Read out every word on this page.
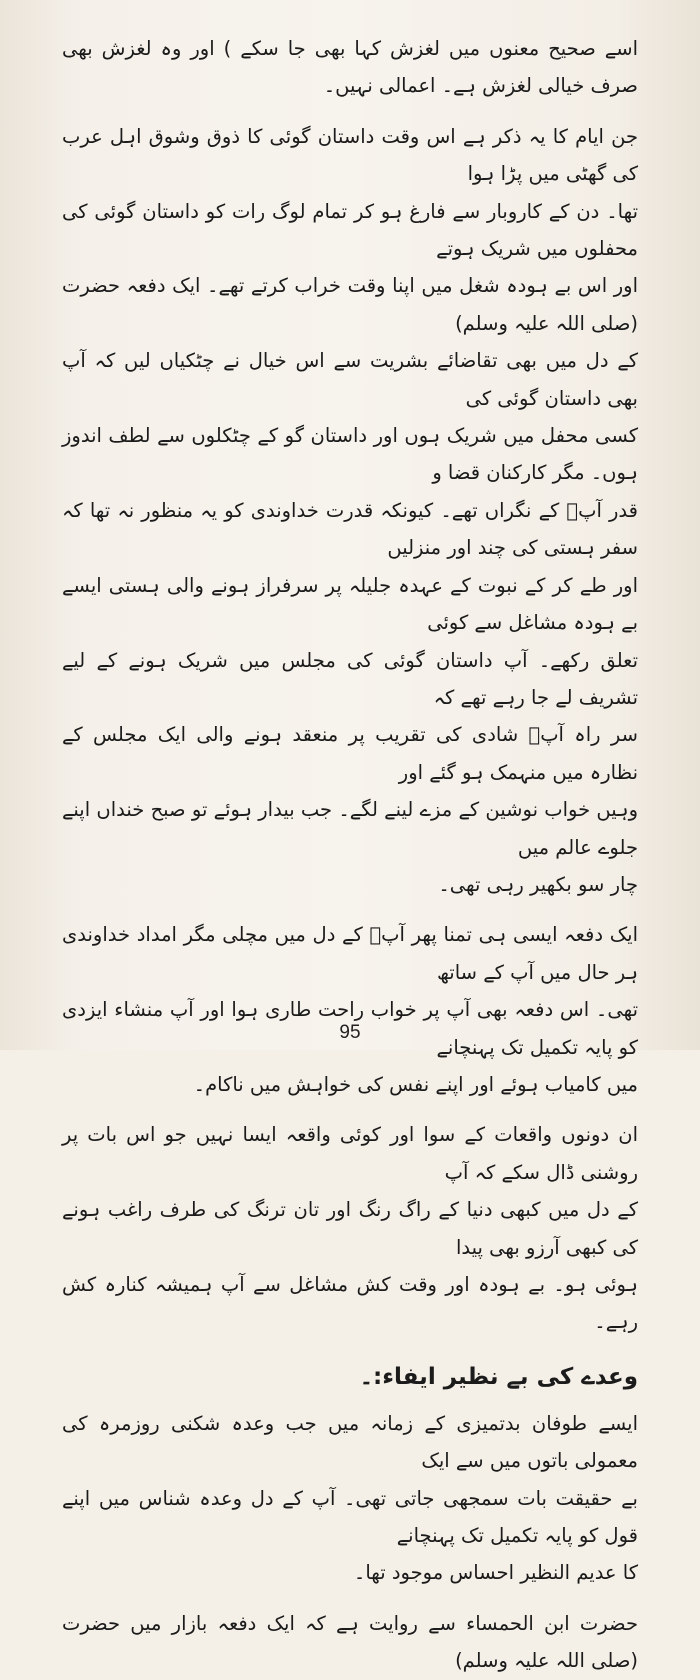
اسے صحیح معنوں میں لغزش کہا بھی جا سکے ) اور وہ لغزش بھی صرف خیالی لغزش ہے۔ اعمالی نہیں۔

جن ایام کا یہ ذکر ہے اس وقت داستان گوئی کا ذوق وشوق اہل عرب کی گھٹی میں پڑا ہوا
تھا۔ دن کے کاروبار سے فارغ ہو کر تمام لوگ رات کو داستان گوئی کی محفلوں میں شریک ہوتے
اور اس بے ہودہ شغل میں اپنا وقت خراب کرتے تھے۔ ایک دفعہ حضرت (صلی اللہ علیہ وسلم)
کے دل میں بھی تقاضائے بشریت سے اس خیال نے چٹکیاں لیں کہ آپ بھی داستان گوئی کی
کسی محفل میں شریک ہوں اور داستان گو کے چٹکلوں سے لطف اندوز ہوں۔ مگر کارکنان قضا و
قدر آپؐ کے نگراں تھے۔ کیونکہ قدرت خداوندی کو یہ منظور نہ تھا کہ سفر ہستی کی چند اور منزلیں
اور طے کر کے نبوت کے عہدہ جلیلہ پر سرفراز ہونے والی ہستی ایسے بے ہودہ مشاغل سے کوئی
تعلق رکھے۔ آپ داستان گوئی کی مجلس میں شریک ہونے کے لیے تشریف لے جا رہے تھے کہ
سر راہ آپؐ شادی کی تقریب پر منعقد ہونے والی ایک مجلس کے نظارہ میں منہمک ہو گئے اور
وہیں خواب نوشین کے مزے لینے لگے۔ جب بیدار ہوئے تو صبح خنداں اپنے جلوے عالم میں
چار سو بکھیر رہی تھی۔

ایک دفعہ ایسی ہی تمنا پھر آپؐ کے دل میں مچلی مگر امداد خداوندی ہر حال میں آپ کے ساتھ
تھی۔ اس دفعہ بھی آپ پر خواب راحت طاری ہوا اور آپ منشاء ایزدی کو پایہ تکمیل تک پہنچانے
میں کامیاب ہوئے اور اپنے نفس کی خواہش میں ناکام۔

ان دونوں واقعات کے سوا اور کوئی واقعہ ایسا نہیں جو اس بات پر روشنی ڈال سکے کہ آپ
کے دل میں کبھی دنیا کے راگ رنگ اور تان ترنگ کی طرف راغب ہونے کی کبھی آرزو بھی پیدا
ہوئی ہو۔ بے ہودہ اور وقت کش مشاغل سے آپ ہمیشہ کنارہ کش رہے۔

وعدے کی بے نظیر ایفاء:۔

ایسے طوفان بدتمیزی کے زمانہ میں جب وعدہ شکنی روزمرہ کی معمولی باتوں میں سے ایک
بے حقیقت بات سمجھی جاتی تھی۔ آپ کے دل وعدہ شناس میں اپنے قول کو پایہ تکمیل تک پہنچانے
کا عدیم النظیر احساس موجود تھا۔

حضرت ابن الحمساء سے روایت ہے کہ ایک دفعہ بازار میں حضرت (صلی اللہ علیہ وسلم)

95
